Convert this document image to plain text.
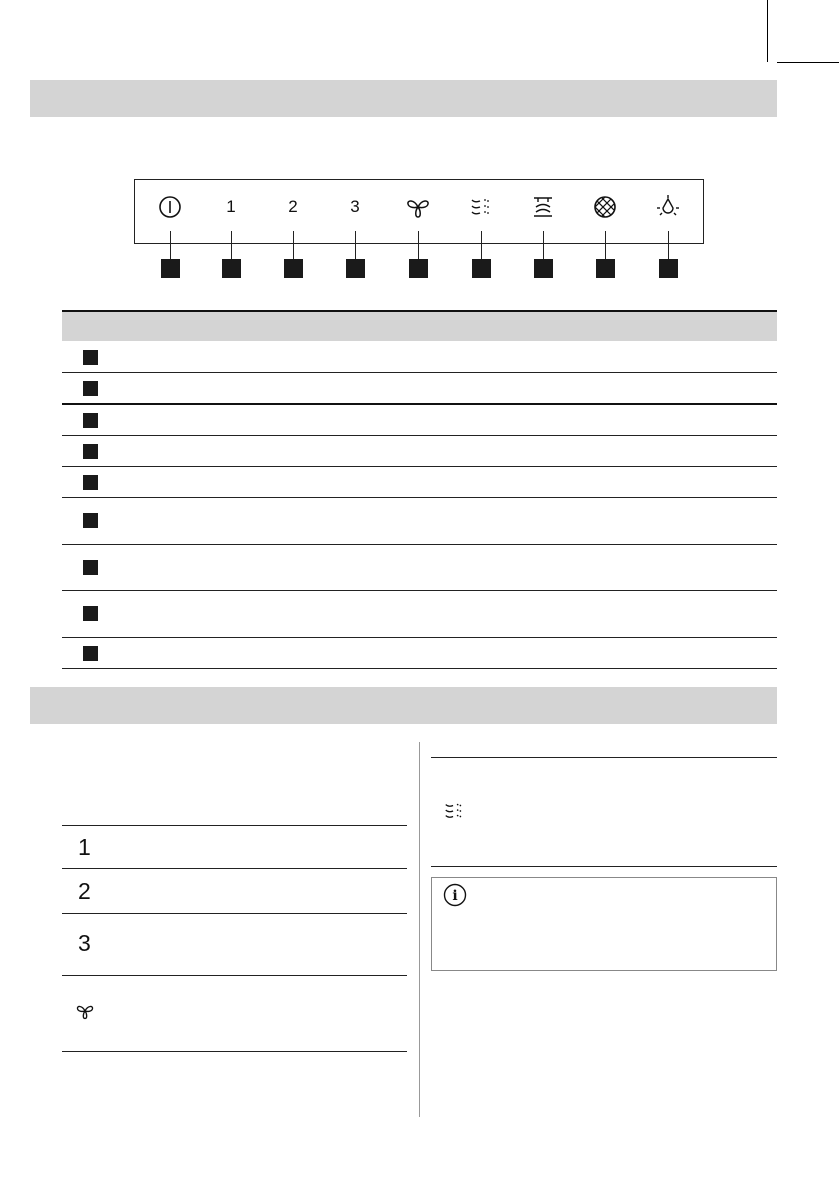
1	2	3
1
2
3
i
